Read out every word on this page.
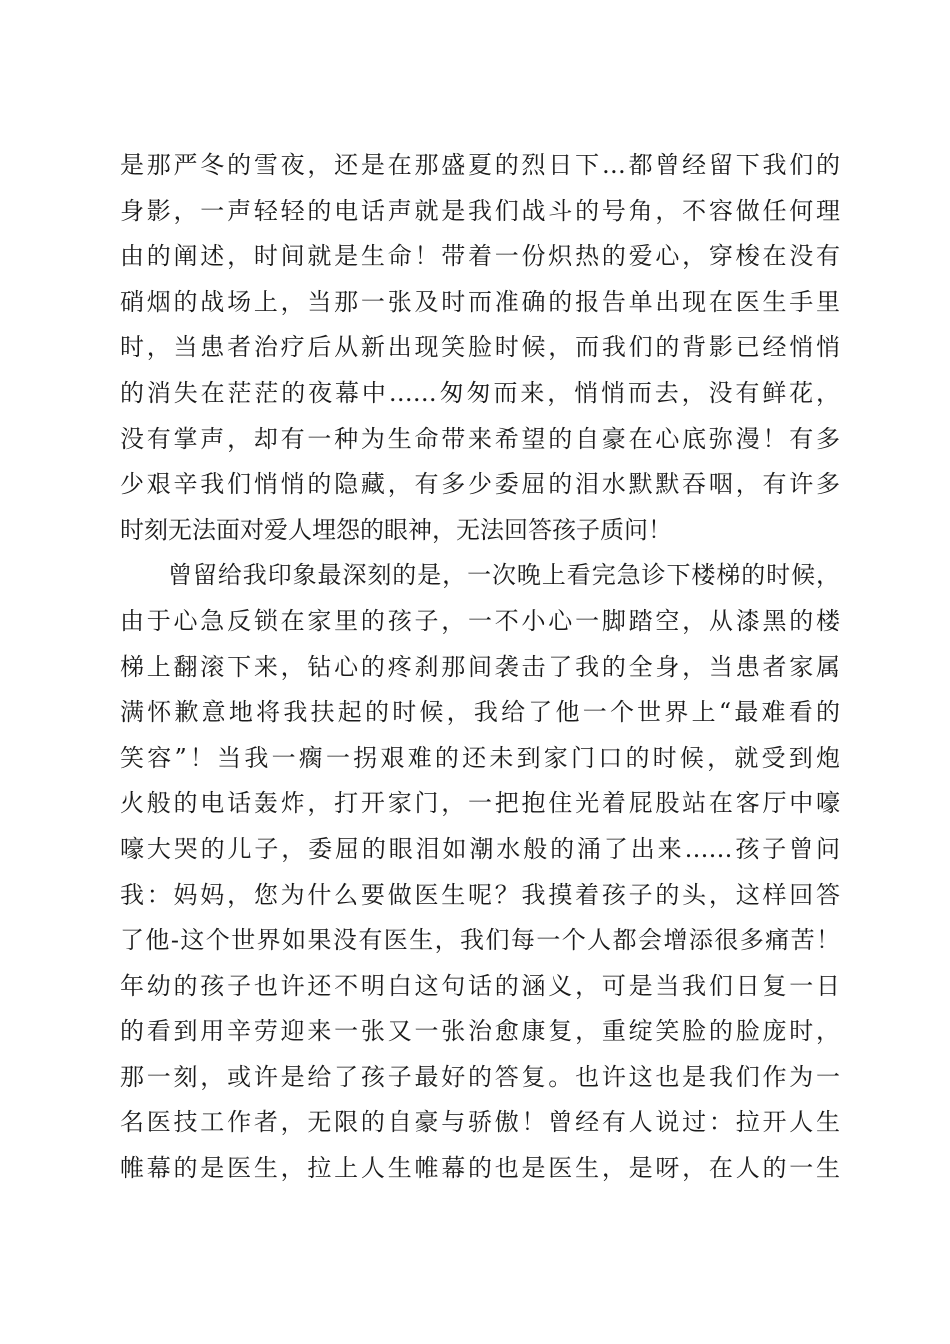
是那严冬的雪夜，还是在那盛夏的烈日下…都曾经留下我们的
身影，一声轻轻的电话声就是我们战斗的号角，不容做任何理
由的阐述，时间就是生命！带着一份炽热的爱心，穿梭在没有
硝烟的战场上，当那一张及时而准确的报告单出现在医生手里
时，当患者治疗后从新出现笑脸时候，而我们的背影已经悄悄
的消失在茫茫的夜幕中……匆匆而来，悄悄而去，没有鲜花，
没有掌声，却有一种为生命带来希望的自豪在心底弥漫！有多
少艰辛我们悄悄的隐藏，有多少委屈的泪水默默吞咽，有许多
时刻无法面对爱人埋怨的眼神，无法回答孩子质问！
曾留给我印象最深刻的是，一次晚上看完急诊下楼梯的时候，
由于心急反锁在家里的孩子，一不小心一脚踏空，从漆黑的楼
梯上翻滚下来，钻心的疼刹那间袭击了我的全身，当患者家属
满怀歉意地将我扶起的时候，我给了他一个世界上“最难看的
笑容”！当我一瘸一拐艰难的还未到家门口的时候，就受到炮
火般的电话轰炸，打开家门，一把抱住光着屁股站在客厅中嚎
嚎大哭的儿子，委屈的眼泪如潮水般的涌了出来……孩子曾问
我：妈妈，您为什么要做医生呢？我摸着孩子的头，这样回答
了他-这个世界如果没有医生，我们每一个人都会增添很多痛苦！
年幼的孩子也许还不明白这句话的涵义，可是当我们日复一日
的看到用辛劳迎来一张又一张治愈康复，重绽笑脸的脸庞时，
那一刻，或许是给了孩子最好的答复。也许这也是我们作为一
名医技工作者，无限的自豪与骄傲！曾经有人说过：拉开人生
帷幕的是医生，拉上人生帷幕的也是医生，是呀，在人的一生
